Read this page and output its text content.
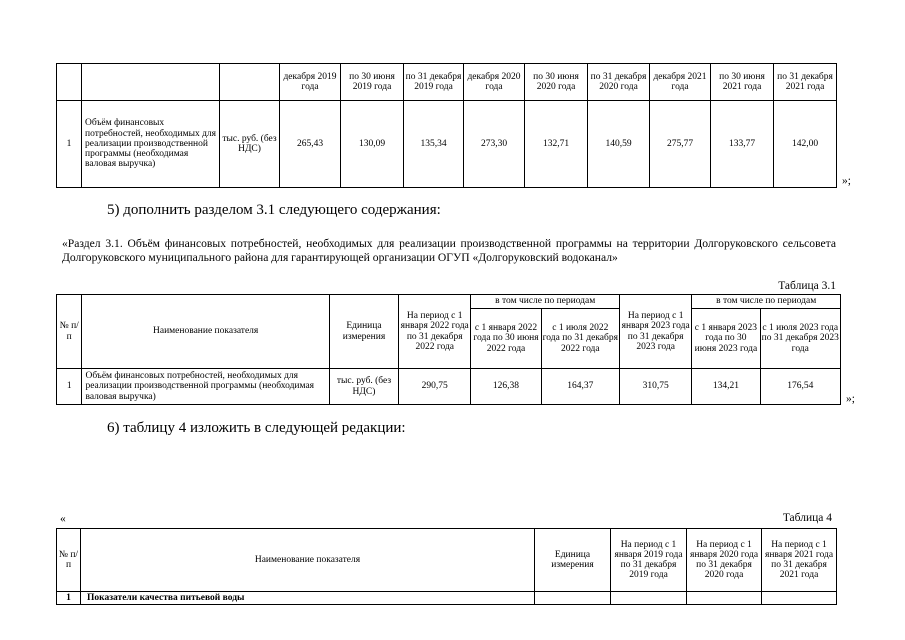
			декабря 2019 года	по 30 июня 2019 года	по 31 декабря 2019 года	декабря 2020 года	по 30 июня 2020 года	по 31 декабря 2020 года	декабря 2021 года	по 30 июня 2021 года	по 31 декабря 2021 года
1	Объём финансовых потребностей, необходимых для реализации производственной программы (необходимая валовая выручка)	тыс. руб. (без НДС)	265,43	130,09	135,34	273,30	132,71	140,59	275,77	133,77	142,00
»;
5) дополнить разделом 3.1 следующего содержания:
«Раздел 3.1. Объём финансовых потребностей, необходимых для реализации производственной программы на территории Долгоруковского сельсовета Долгоруковского муниципального района для гарантирующей организации ОГУП «Долгоруковский водоканал»
Таблица 3.1
№ п/п	Наименование показателя	Единица измерения	На период с 1 января 2022 года по 31 декабря 2022 года	в том числе по периодам		На период с 1 января 2023 года по 31 декабря 2023 года	в том числе по периодам	
				с 1 января 2022 года по 30 июня 2022 года	с 1 июля 2022 года по 31 декабря 2022 года		с 1 января 2023 года по 30 июня 2023 года	с 1 июля 2023 года по 31 декабря 2023 года
1	Объём финансовых потребностей, необходимых для реализации производственной программы (необходимая валовая выручка)	тыс. руб. (без НДС)	290,75	126,38	164,37	310,75	134,21	176,54
»;
6) таблицу 4 изложить в следующей редакции:
«	Таблица 4
№ п/п	Наименование показателя	Единица измерения	На период с 1 января 2019 года по 31 декабря 2019 года	На период с 1 января 2020 года по 31 декабря 2020 года	На период с 1 января 2021 года по 31 декабря 2021 года
1	Показатели качества питьевой воды				
